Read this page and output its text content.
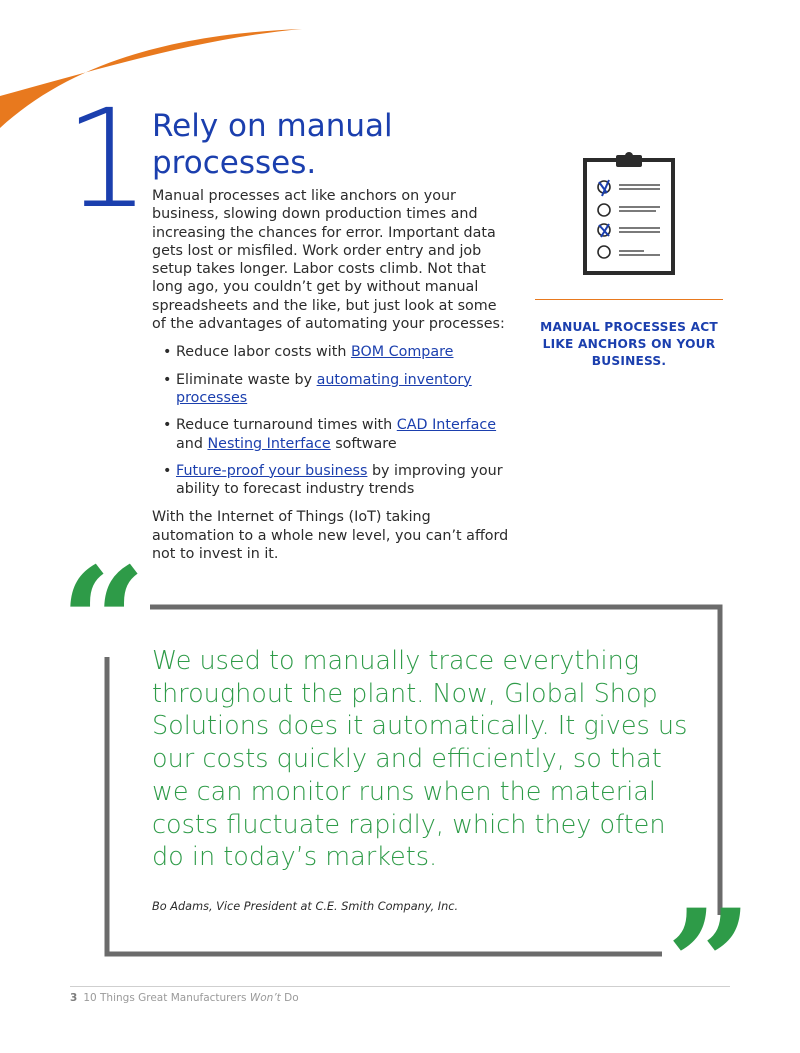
1 Rely on manual processes.

Manual processes act like anchors on your business, slowing down production times and increasing the chances for error. Important data gets lost or misfiled. Work order entry and job setup takes longer. Labor costs climb. Not that long ago, you couldn’t get by without manual spreadsheets and the like, but just look at some of the advantages of automating your processes:

• Reduce labor costs with BOM Compare
• Eliminate waste by automating inventory processes
• Reduce turnaround times with CAD Interface and Nesting Interface software
• Future-proof your business by improving your ability to forecast industry trends

With the Internet of Things (IoT) taking automation to a whole new level, you can’t afford not to invest in it.

MANUAL PROCESSES ACT LIKE ANCHORS ON YOUR BUSINESS.
“
”

We used to manually trace everything throughout the plant. Now, Global Shop Solutions does it automatically. It gives us our costs quickly and efficiently, so that we can monitor runs when the material costs fluctuate rapidly, which they often do in today’s markets.

Bo Adams, Vice President at C.E. Smith Company, Inc.
3 10 Things Great Manufacturers Won’t Do
